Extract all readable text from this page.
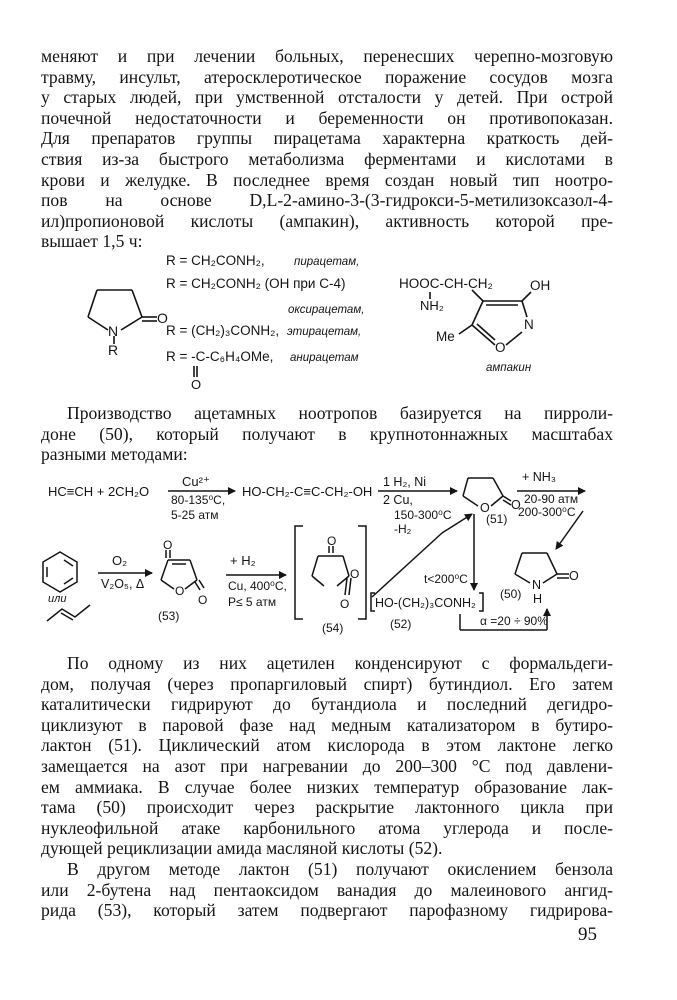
меняют и при лечении больных, перенесших черепно-мозговую
травму, инсульт, атеросклеротическое поражение сосудов мозга
у старых людей, при умственной отсталости у детей. При острой
почечной недостаточности и беременности он противопоказан.
Для препаратов группы пирацетама характерна краткость дей-
ствия из-за быстрого метаболизма ферментами и кислотами в
крови и желудке. В последнее время создан новый тип ноотро-
пов на основе D,L-2-амино-3-(3-гидрокси-5-метилизоксазол-4-
ил)пропионовой кислоты (ампакин), активность которой пре-
вышает 1,5 ч:
O
N
R
R = CH₂CONH₂,	пирацетам,
R = CH₂CONH₂ (OH при C-4)
оксирацетам,
R = (CH₂)₃CONH₂, этирацетам,
R = -C-C₆H₄OMe, анирацетам
O
HOOC-CH-CH₂
NH₂
OH
N
O
Me
ампакин
Производство ацетамных ноотропов базируется на пирроли-
доне (50), который получают в крупнотоннажных масштабах
разными методами:
HC≡CH + 2CH₂O
Cu²⁺
80-135⁰C,
5-25 атм
HO-CH₂-C≡C-CH₂-OH
1 H₂, Ni
2 Cu,
150-300⁰C
-H₂
O O
(51)
+ NH₃
20-90 атм
200-300⁰C
или
O₂
V₂O₅, Δ
O
O
O
(53)
+ H₂
Cu, 400⁰C,
P≤ 5 атм
O
O
O
(54)
t<200⁰C
HO-(CH₂)₃CONH₂
(52)	α =20 ÷ 90%
O
N
H
(50)
По одному из них ацетилен конденсируют с формальдеги-
дом, получая (через пропаргиловый спирт) бутиндиол. Его затем
каталитически гидрируют до бутандиола и последний дегидро-
циклизуют в паровой фазе над медным катализатором в бутиро-
лактон (51). Циклический атом кислорода в этом лактоне легко
замещается на азот при нагревании до 200–300 °C под давлени-
ем аммиака. В случае более низких температур образование лак-
тама (50) происходит через раскрытие лактонного цикла при
нуклеофильной атаке карбонильного атома углерода и после-
дующей рециклизации амида масляной кислоты (52).
В другом методе лактон (51) получают окислением бензола
или 2-бутена над пентаоксидом ванадия до малеинового ангид-
рида (53), который затем подвергают парофазному гидрирова-
95
